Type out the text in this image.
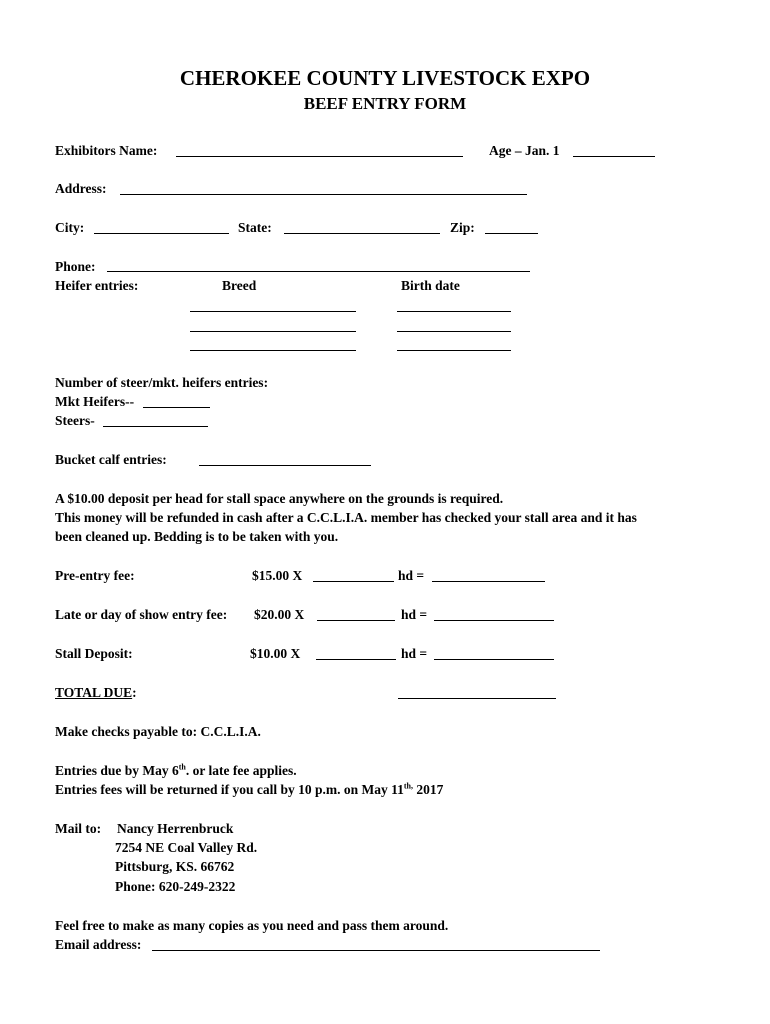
CHEROKEE COUNTY LIVESTOCK EXPO
BEEF ENTRY FORM
Exhibitors Name:	Age – Jan. 1
Address:
City:	State:	Zip:
Phone:
Heifer entries:	Breed	Birth date
Number of steer/mkt. heifers entries:
Mkt Heifers--
Steers-
Bucket calf entries:
A $10.00 deposit per head for stall space anywhere on the grounds is required.
This money will be refunded in cash after a C.C.L.I.A. member has checked your stall area and it has
been cleaned up. Bedding is to be taken with you.
Pre-entry fee:	$15.00 X	hd =
Late or day of show entry fee: $20.00 X	hd =
Stall Deposit:	$10.00 X	hd =
TOTAL DUE:
Make checks payable to: C.C.L.I.A.
Entries due by May 6th. or late fee applies.
Entries fees will be returned if you call by 10 p.m. on May $11^{th,}$ 2017
Mail to: Nancy Herrenbruck
7254 NE Coal Valley Rd.
Pittsburg, KS. 66762
Phone: 620-249-2322
Feel free to make as many copies as you need and pass them around.
Email address:
